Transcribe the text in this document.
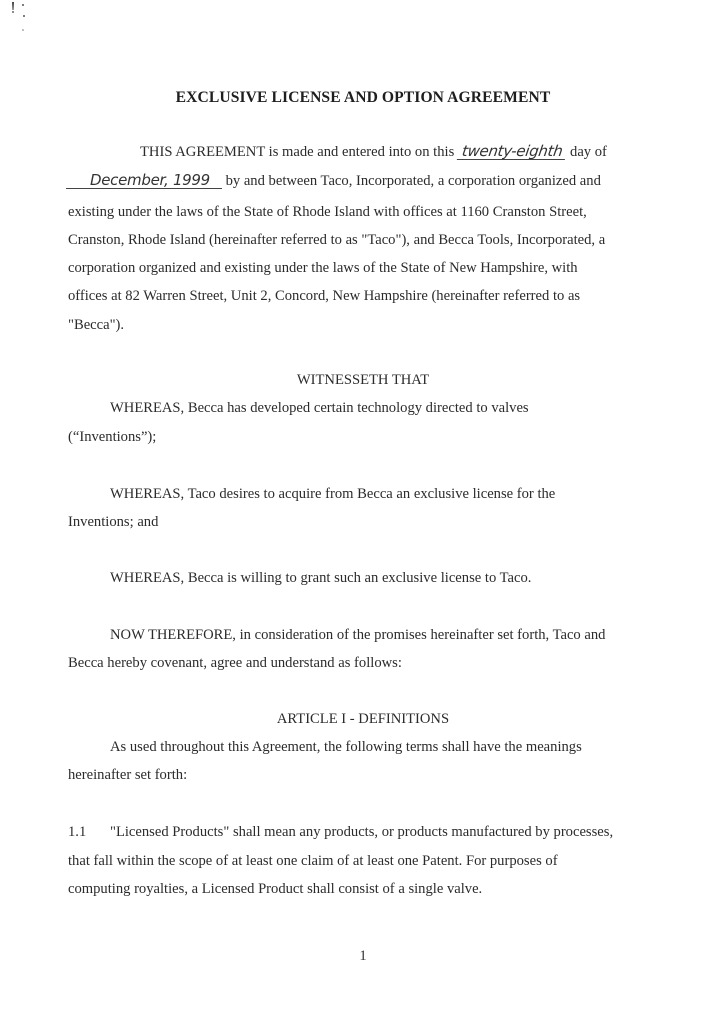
EXCLUSIVE LICENSE AND OPTION AGREEMENT
THIS AGREEMENT is made and entered into on this twenty-eighth day of
December, 1999 by and between Taco, Incorporated, a corporation organized and
existing under the laws of the State of Rhode Island with offices at 1160 Cranston Street,
Cranston, Rhode Island (hereinafter referred to as "Taco"), and Becca Tools, Incorporated, a
corporation organized and existing under the laws of the State of New Hampshire, with
offices at 82 Warren Street, Unit 2, Concord, New Hampshire (hereinafter referred to as
"Becca").
WITNESSETH THAT
WHEREAS, Becca has developed certain technology directed to valves
(“Inventions”);
WHEREAS, Taco desires to acquire from Becca an exclusive license for the
Inventions; and
WHEREAS, Becca is willing to grant such an exclusive license to Taco.
NOW THEREFORE, in consideration of the promises hereinafter set forth, Taco and
Becca hereby covenant, agree and understand as follows:
ARTICLE I - DEFINITIONS
As used throughout this Agreement, the following terms shall have the meanings
hereinafter set forth:
1.1 "Licensed Products" shall mean any products, or products manufactured by processes,
that fall within the scope of at least one claim of at least one Patent. For purposes of
computing royalties, a Licensed Product shall consist of a single valve.
1
